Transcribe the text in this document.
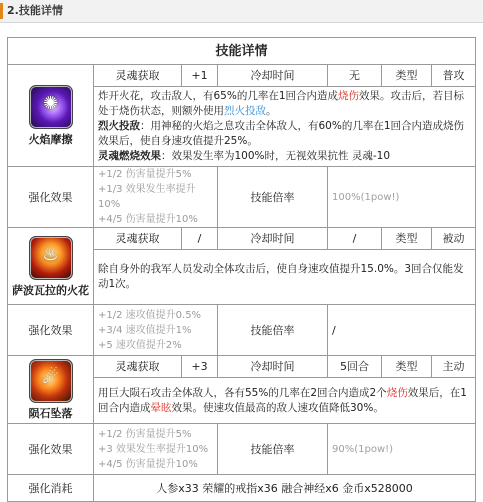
2.技能详情
技能详情						

✺
火焰摩擦	灵魂获取	+1	冷却时间	无	类型	普攻
	炸开火花，攻击敌人，有65%的几率在1回合内造成烧伤效果。攻击后，若目标处于烧伤状态，则额外使用烈火投敌。
烈火投敌：用神秘的火焰之息攻击全体敌人，有60%的几率在1回合内造成烧伤效果后，使自身速攻值提升25%。
灵魂燃烧效果：效果发生率为100%时，无视效果抗性 灵魂-10					
强化效果	+1/2 伤害量提升5%
+1/3 效果发生率提升10%
+4/5 伤害量提升10%		技能倍率	100%(1pow!)		

♨
萨波瓦拉的火花	灵魂获取	/	冷却时间	/	类型	被动
	除自身外的我军人员发动全体攻击后，使自身速攻值提升15.0%。3回合仅能发动1次。					
强化效果	+1/2 速攻值提升0.5%
+3/4 速攻值提升1%
+5 速攻值提升2%		技能倍率	/		

☄
陨石坠落	灵魂获取	+3	冷却时间	5回合	类型	主动
	用巨大陨石攻击全体敌人，各有55%的几率在2回合内造成2个烧伤效果后，在1回合内造成晕眩效果。使速攻值最高的敌人速攻值降低30%。					
强化效果	+1/2 伤害量提升5%
+3 效果发生率提升10%
+4/5 伤害量提升10%		技能倍率	90%(1pow!)		
强化消耗	人参x33 荣耀的戒指x36 融合神经x6 金币x528000					
